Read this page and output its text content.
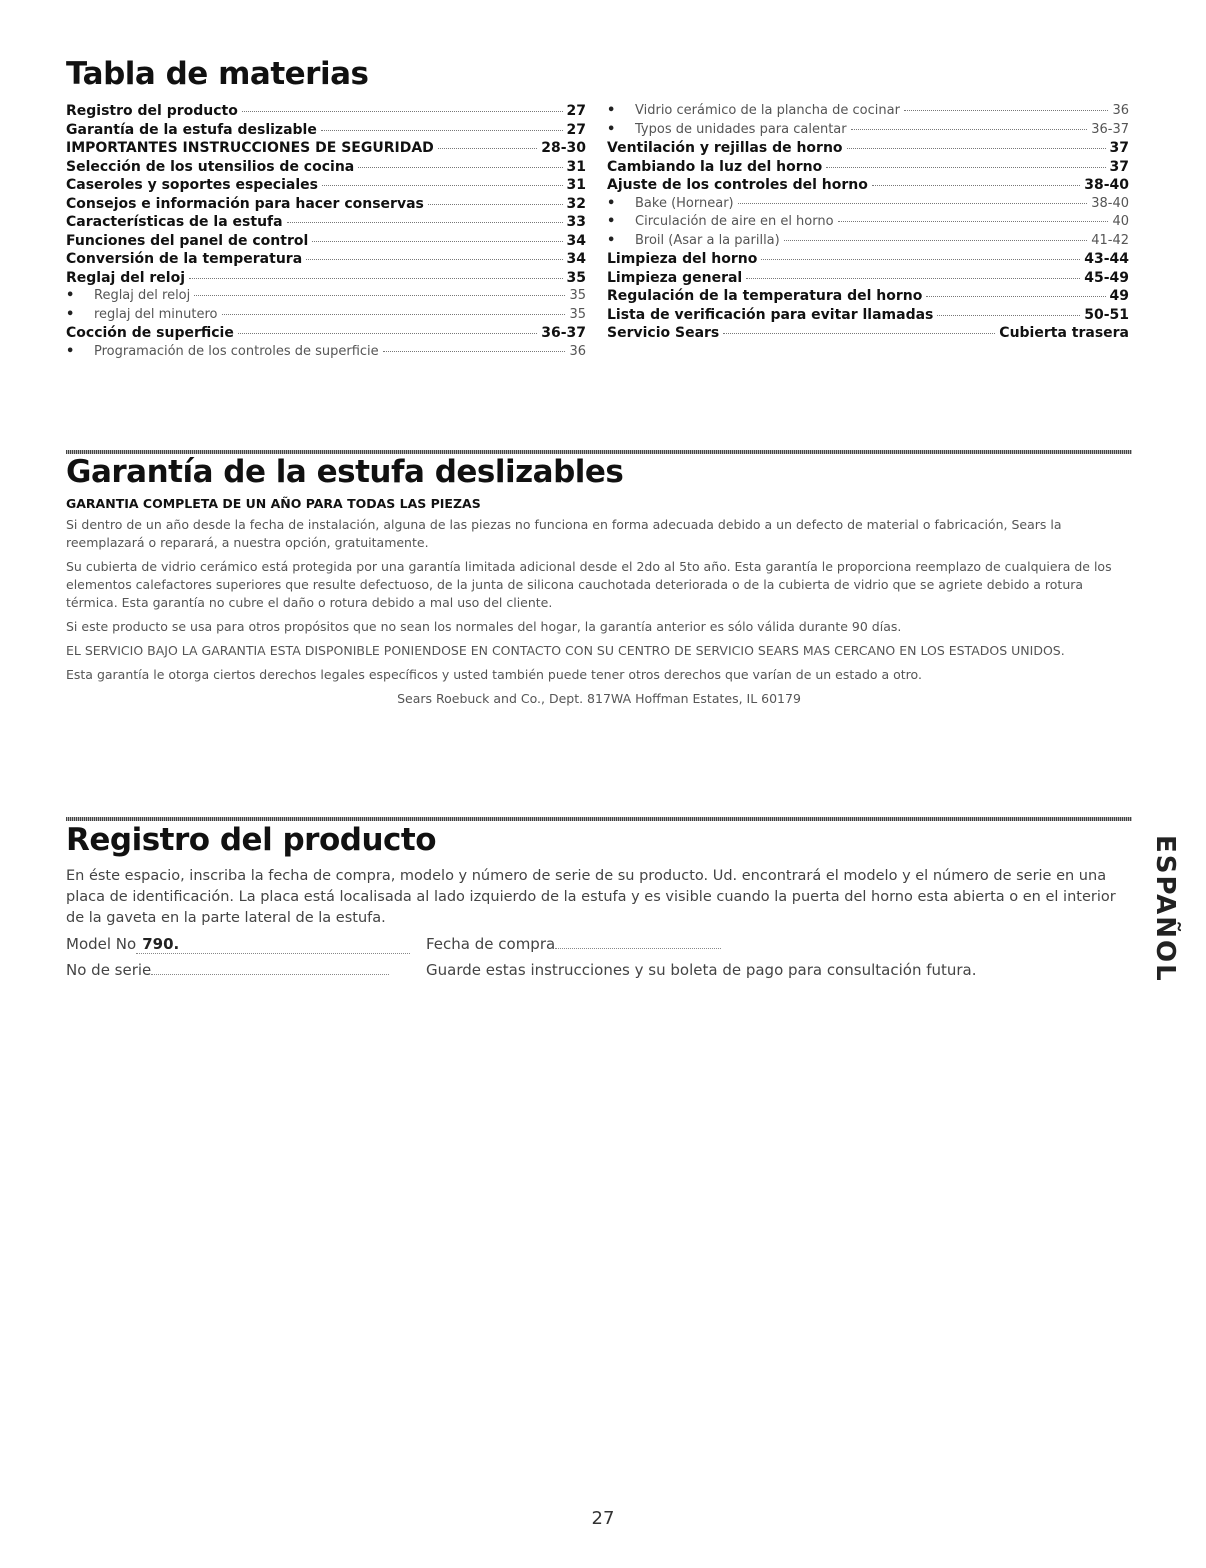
Tabla de materias
Registro del producto	27
Garantía de la estufa deslizable	27
IMPORTANTES INSTRUCCIONES DE SEGURIDAD	28-30
Selección de los utensilios de cocina	31
Caseroles y soportes especiales	31
Consejos e información para hacer conservas	32
Características de la estufa	33
Funciones del panel de control	34
Conversión de la temperatura	34
Reglaj del reloj	35
•	Reglaj del reloj	35
•	reglaj del minutero	35
Cocción de superficie	36-37
•	Programación de los controles de superficie	36
•	Vidrio cerámico de la plancha de cocinar	36
•	Typos de unidades para calentar	36-37
Ventilación y rejillas de horno	37
Cambiando la luz del horno	37
Ajuste de los controles del horno	38-40
•	Bake (Hornear)	38-40
•	Circulación de aire en el horno	40
•	Broil (Asar a la parilla)	41-42
Limpieza del horno	43-44
Limpieza general	45-49
Regulación de la temperatura del horno	49
Lista de verificación para evitar llamadas	50-51
Servicio Sears	Cubierta trasera
Garantía de la estufa deslizables

GARANTIA COMPLETA DE UN AÑO PARA TODAS LAS PIEZAS

Si dentro de un año desde la fecha de instalación, alguna de las piezas no funciona en forma adecuada debido a un defecto de material o fabricación, Sears la reemplazará o reparará, a nuestra opción, gratuitamente.

Su cubierta de vidrio cerámico está protegida por una garantía limitada adicional desde el 2do al 5to año. Esta garantía le proporciona reemplazo de cualquiera de los elementos calefactores superiores que resulte defectuoso, de la junta de silicona cauchotada deteriorada o de la cubierta de vidrio que se agriete debido a rotura térmica. Esta garantía no cubre el daño o rotura debido a mal uso del cliente.

Si este producto se usa para otros propósitos que no sean los normales del hogar, la garantía anterior es sólo válida durante 90 días.

EL SERVICIO BAJO LA GARANTIA ESTA DISPONIBLE PONIENDOSE EN CONTACTO CON SU CENTRO DE SERVICIO SEARS MAS CERCANO EN LOS ESTADOS UNIDOS.

Esta garantía le otorga ciertos derechos legales específicos y usted también puede tener otros derechos que varían de un estado a otro.

Sears Roebuck and Co., Dept. 817WA Hoffman Estates, IL 60179

Registro del producto

En éste espacio, inscriba la fecha de compra, modelo y número de serie de su producto. Ud. encontrará el modelo y el número de serie en una placa de identificación. La placa está localisada al lado izquierdo de la estufa y es visible cuando la puerta del horno esta abierta o en el interior de la gaveta en la parte lateral de la estufa.

Model No 790.	Fecha de compra
No de serie	Guarde estas instrucciones y su boleta de pago para consultación futura.	ESPAÑOL
27
